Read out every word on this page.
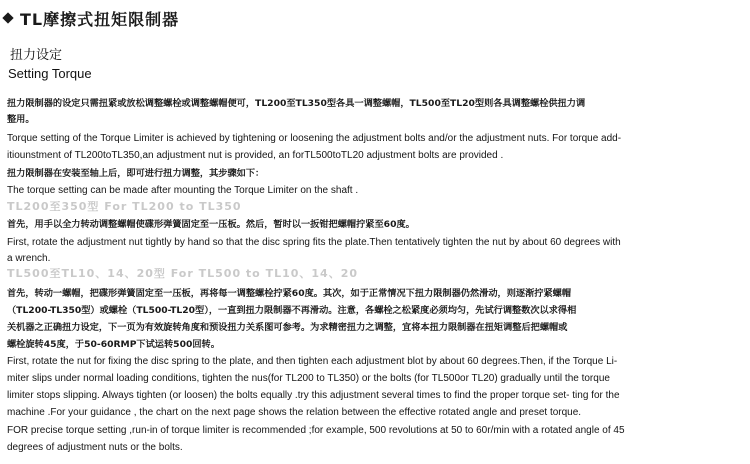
TL摩擦式扭矩限制器
扭力设定
Setting Torque
扭力限制器的设定只需扭紧或放松调整螺栓或调整螺帽便可，TL200至TL350型各具一调整螺帽，TL500至TL20型则各具调整螺栓供扭力调
整用。
Torque setting of the Torque Limiter is achieved by tightening or loosening the adjustment bolts and/or the adjustment nuts. For torque add-
itiounstment of TL200toTL350,an adjustment nut is provided, an forTL500toTL20 adjustment bolts are provided .
扭力限制器在安装至轴上后，即可进行扭力调整，其步骤如下：
The torque setting can be made after mounting the Torque Limiter on the shaft .
TL200至350型 For TL200 to TL350
首先，用手以全力转动调整螺帽使碟形弹簧固定至一压板。然后，暂时以一扳钳把螺帽拧紧至60度。
First, rotate the adjustment nut tightly by hand so that the disc spring fits the plate.Then tentatively tighten the nut by about 60 degrees with
a wrench.
TL500至TL10、14、20型 For TL500 to TL10、14、20
首先，转动一螺帽，把碟形弹簧固定至一压板，再将每一调整螺栓拧紧60度。其次，如于正常情况下扭力限制器仍然滑动，则逐渐拧紧螺帽
（TL200-TL350型）或螺栓（TL500-TL20型），一直到扭力限制器不再滑动。注意，各螺栓之松紧度必须均匀，先试行调整数次以求得相
关机器之正确扭力设定，下一页为有效旋转角度和预设扭力关系图可参考。为求精密扭力之调整，宜将本扭力限制器在扭矩调整后把螺帽或
螺栓旋转45度，于50-60RMP下试运转500回转。
First, rotate the nut for fixing the disc spring to the plate, and then tighten each adjustment blot by about 60 degrees.Then, if the Torque Li-
miter slips under normal loading conditions, tighten the nus(for TL200 to TL350) or the bolts (for TL500or TL20) gradually until the torque
limiter stops slipping. Always tighten (or loosen) the bolts equally .try this adjustment several times to find the proper torque set- ting for the
machine .For your guidance , the chart on the next page shows the relation between the effective rotated angle and preset torque.
FOR precise torque setting ,run-in of torque limiter is recommended ;for example, 500 revolutions at 50 to 60r/min with a rotated angle of 45
degrees of adjustment nuts or the bolts.
